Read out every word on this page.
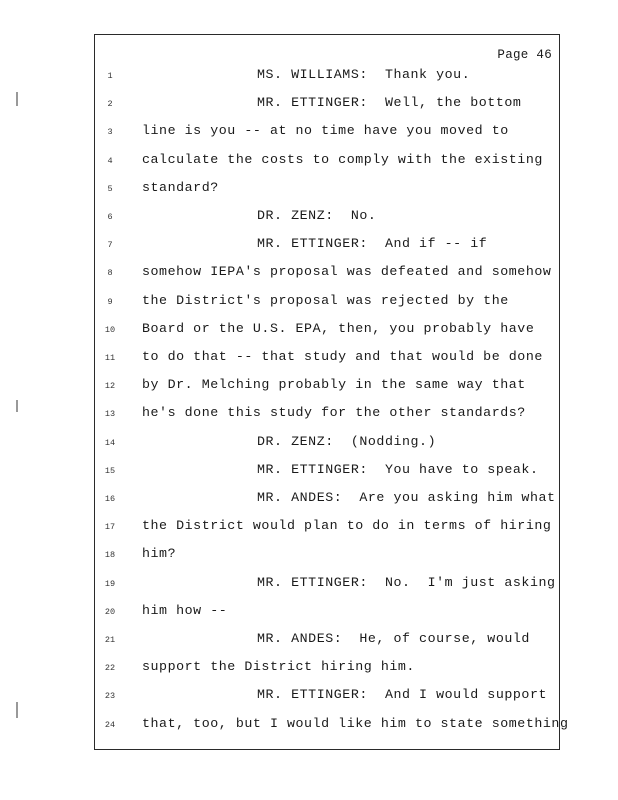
Page 46
1	MS. WILLIAMS:  Thank you.
2	MR. ETTINGER:  Well, the bottom
3	line is you -- at no time have you moved to
4	calculate the costs to comply with the existing
5	standard?
6	DR. ZENZ:  No.
7	MR. ETTINGER:  And if -- if
8	somehow IEPA's proposal was defeated and somehow
9	the District's proposal was rejected by the
10	Board or the U.S. EPA, then, you probably have
11	to do that -- that study and that would be done
12	by Dr. Melching probably in the same way that
13	he's done this study for the other standards?
14	DR. ZENZ:  (Nodding.)
15	MR. ETTINGER:  You have to speak.
16	MR. ANDES:  Are you asking him what
17	the District would plan to do in terms of hiring
18	him?
19	MR. ETTINGER:  No.  I'm just asking
20	him how --
21	MR. ANDES:  He, of course, would
22	support the District hiring him.
23	MR. ETTINGER:  And I would support
24	that, too, but I would like him to state something
